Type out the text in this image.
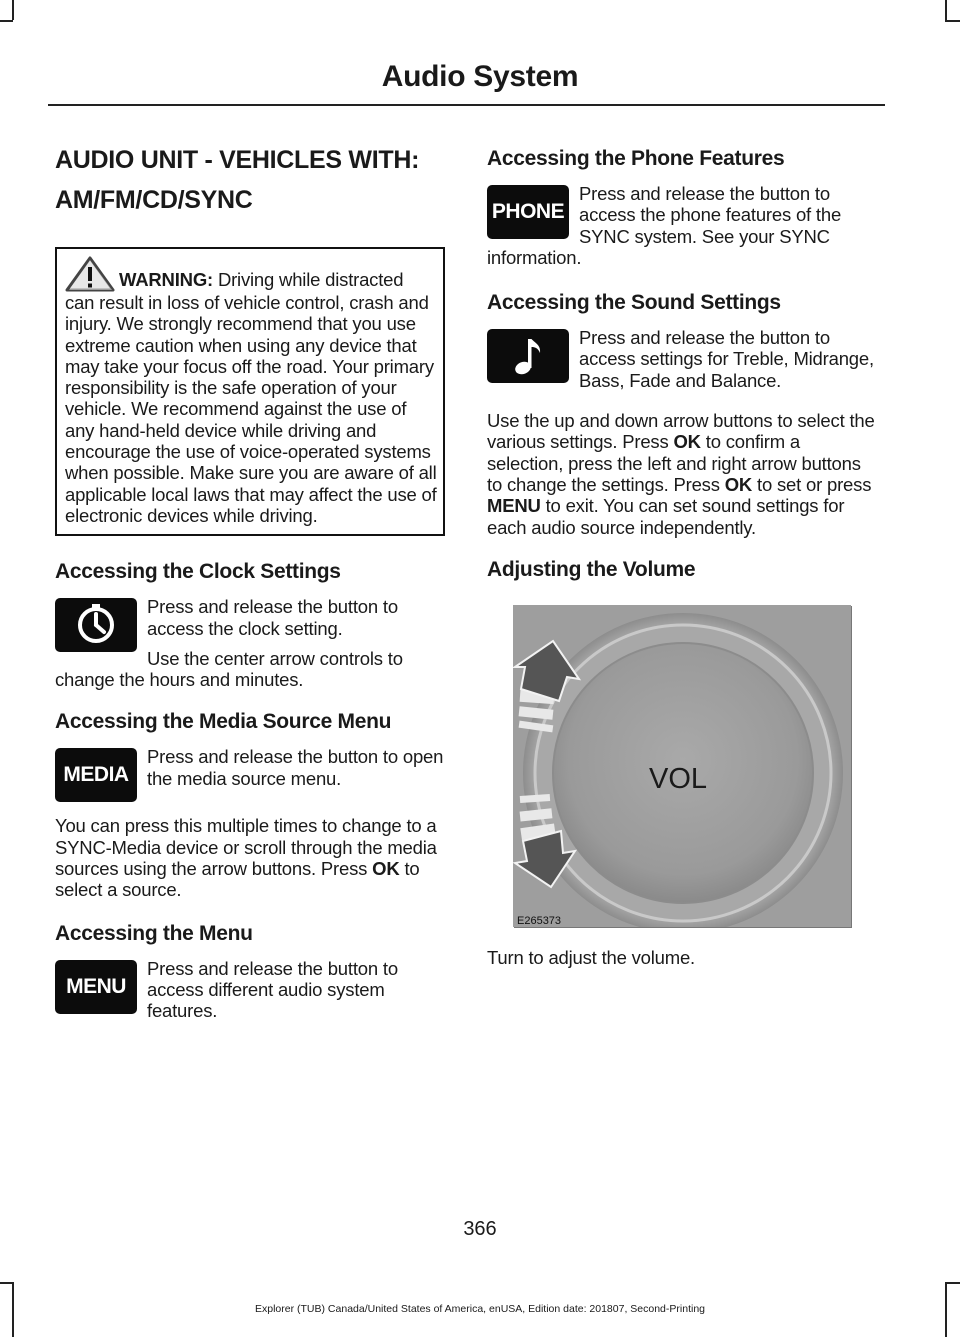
Audio System
AUDIO UNIT - VEHICLES WITH:
AM/FM/CD/SYNC

WARNING: Driving while distracted can result in loss of vehicle control, crash and injury. We strongly recommend that you use extreme caution when using any device that may take your focus off the road. Your primary responsibility is the safe operation of your vehicle. We recommend against the use of any hand-held device while driving and encourage the use of voice-operated systems when possible. Make sure you are aware of all applicable local laws that may affect the use of electronic devices while driving.

Accessing the Clock Settings

Press and release the button to access the clock setting.

Use the center arrow controls to change the hours and minutes.

Accessing the Media Source Menu
MEDIA

Press and release the button to open the media source menu.

You can press this multiple times to change to a SYNC-Media device or scroll through the media sources using the arrow buttons. Press OK to select a source.

Accessing the Menu
MENU

Press and release the button to access different audio system features.

Accessing the Phone Features
PHONE

Press and release the button to access the phone features of the SYNC system. See your SYNC information.

Accessing the Sound Settings

Press and release the button to access settings for Treble, Midrange, Bass, Fade and Balance.

Use the up and down arrow buttons to select the various settings. Press OK to confirm a selection, press the left and right arrow buttons to change the settings. Press OK to set or press MENU to exit. You can set sound settings for each audio source independently.

Adjusting the Volume
VOL
E265373

Turn to adjust the volume.

366
Explorer (TUB) Canada/United States of America, enUSA, Edition date: 201807, Second-Printing
